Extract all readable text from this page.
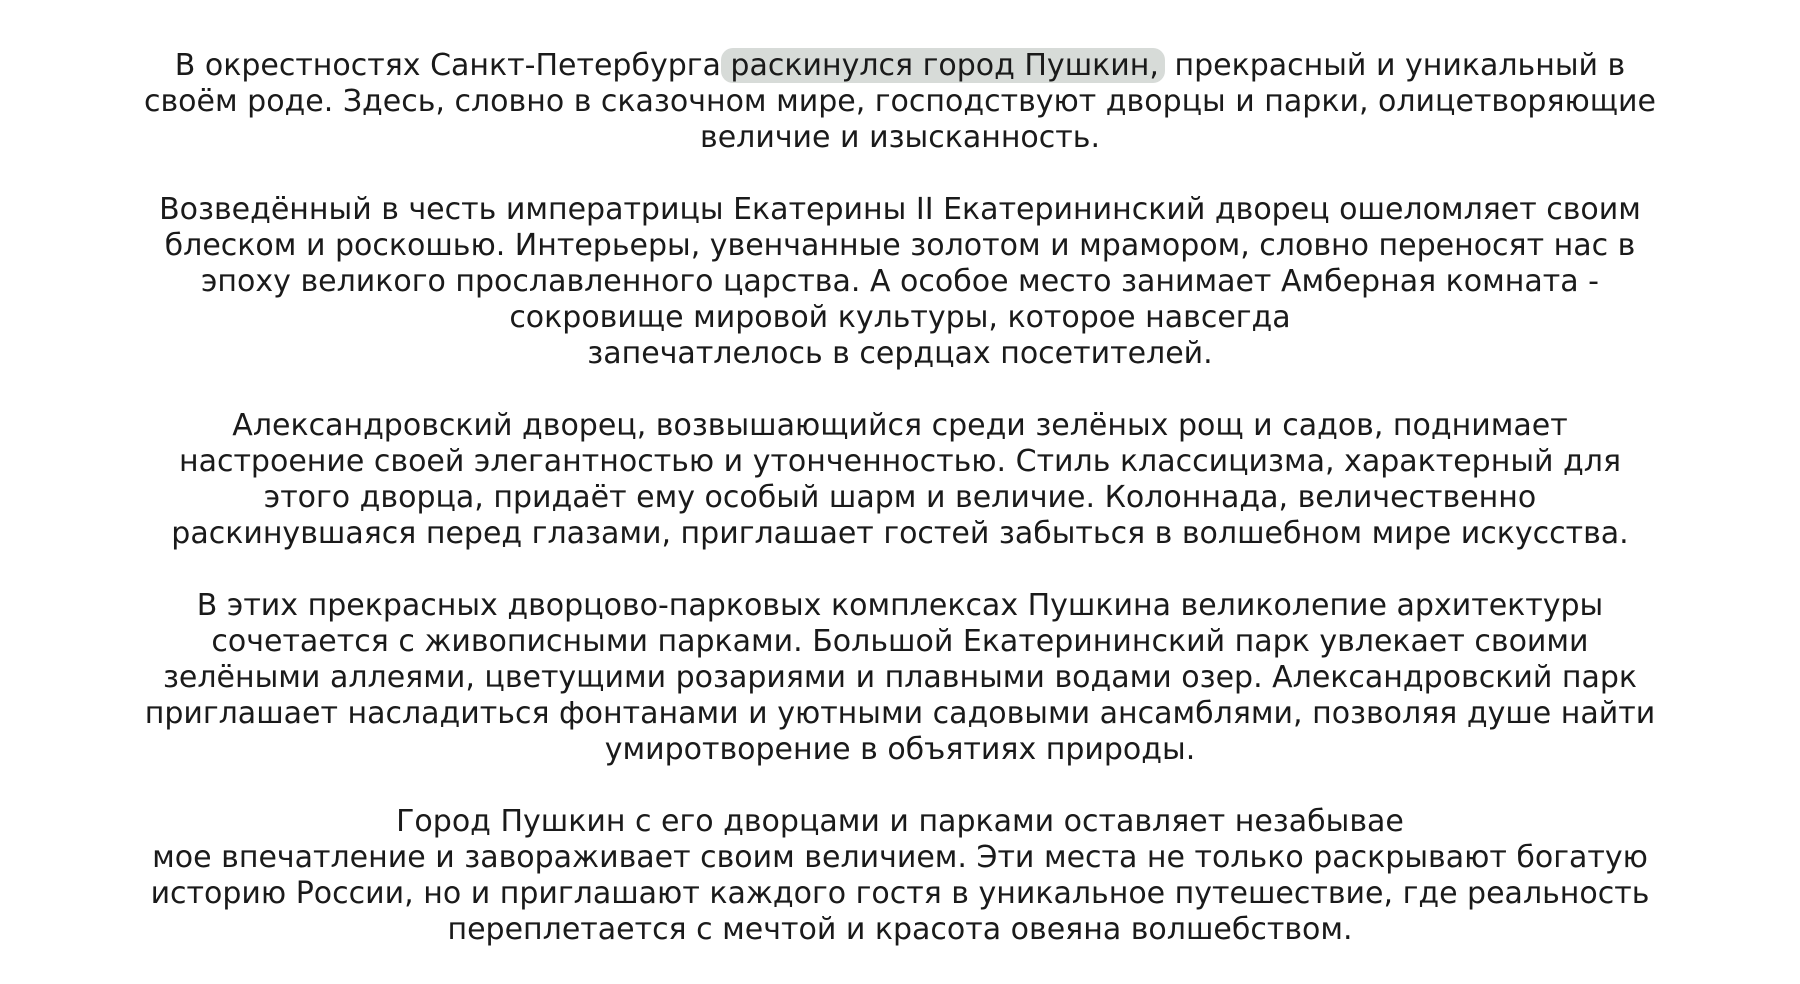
В окрестностях Санкт-Петербурга раскинулся город Пушкин, прекрасный и уникальный в
своём роде. Здесь, словно в сказочном мире, господствуют дворцы и парки, олицетворяющие
величие и изысканность.

Возведённый в честь императрицы Екатерины II Екатерининский дворец ошеломляет своим
блеском и роскошью. Интерьеры, увенчанные золотом и мрамором, словно переносят нас в
эпоху великого прославленного царства. А особое место занимает Амберная комната -
сокровище мировой культуры, которое навсегда
запечатлелось в сердцах посетителей.

Александровский дворец, возвышающийся среди зелёных рощ и садов, поднимает
настроение своей элегантностью и утонченностью. Стиль классицизма, характерный для
этого дворца, придаёт ему особый шарм и величие. Колоннада, величественно
раскинувшаяся перед глазами, приглашает гостей забыться в волшебном мире искусства.

В этих прекрасных дворцово-парковых комплексах Пушкина великолепие архитектуры
сочетается с живописными парками. Большой Екатерининский парк увлекает своими
зелёными аллеями, цветущими розариями и плавными водами озер. Александровский парк
приглашает насладиться фонтанами и уютными садовыми ансамблями, позволяя душе найти
умиротворение в объятиях природы.

Город Пушкин с его дворцами и парками оставляет незабывае
мое впечатление и завораживает своим величием. Эти места не только раскрывают богатую
историю России, но и приглашают каждого гостя в уникальное путешествие, где реальность
переплетается с мечтой и красота овеяна волшебством.
